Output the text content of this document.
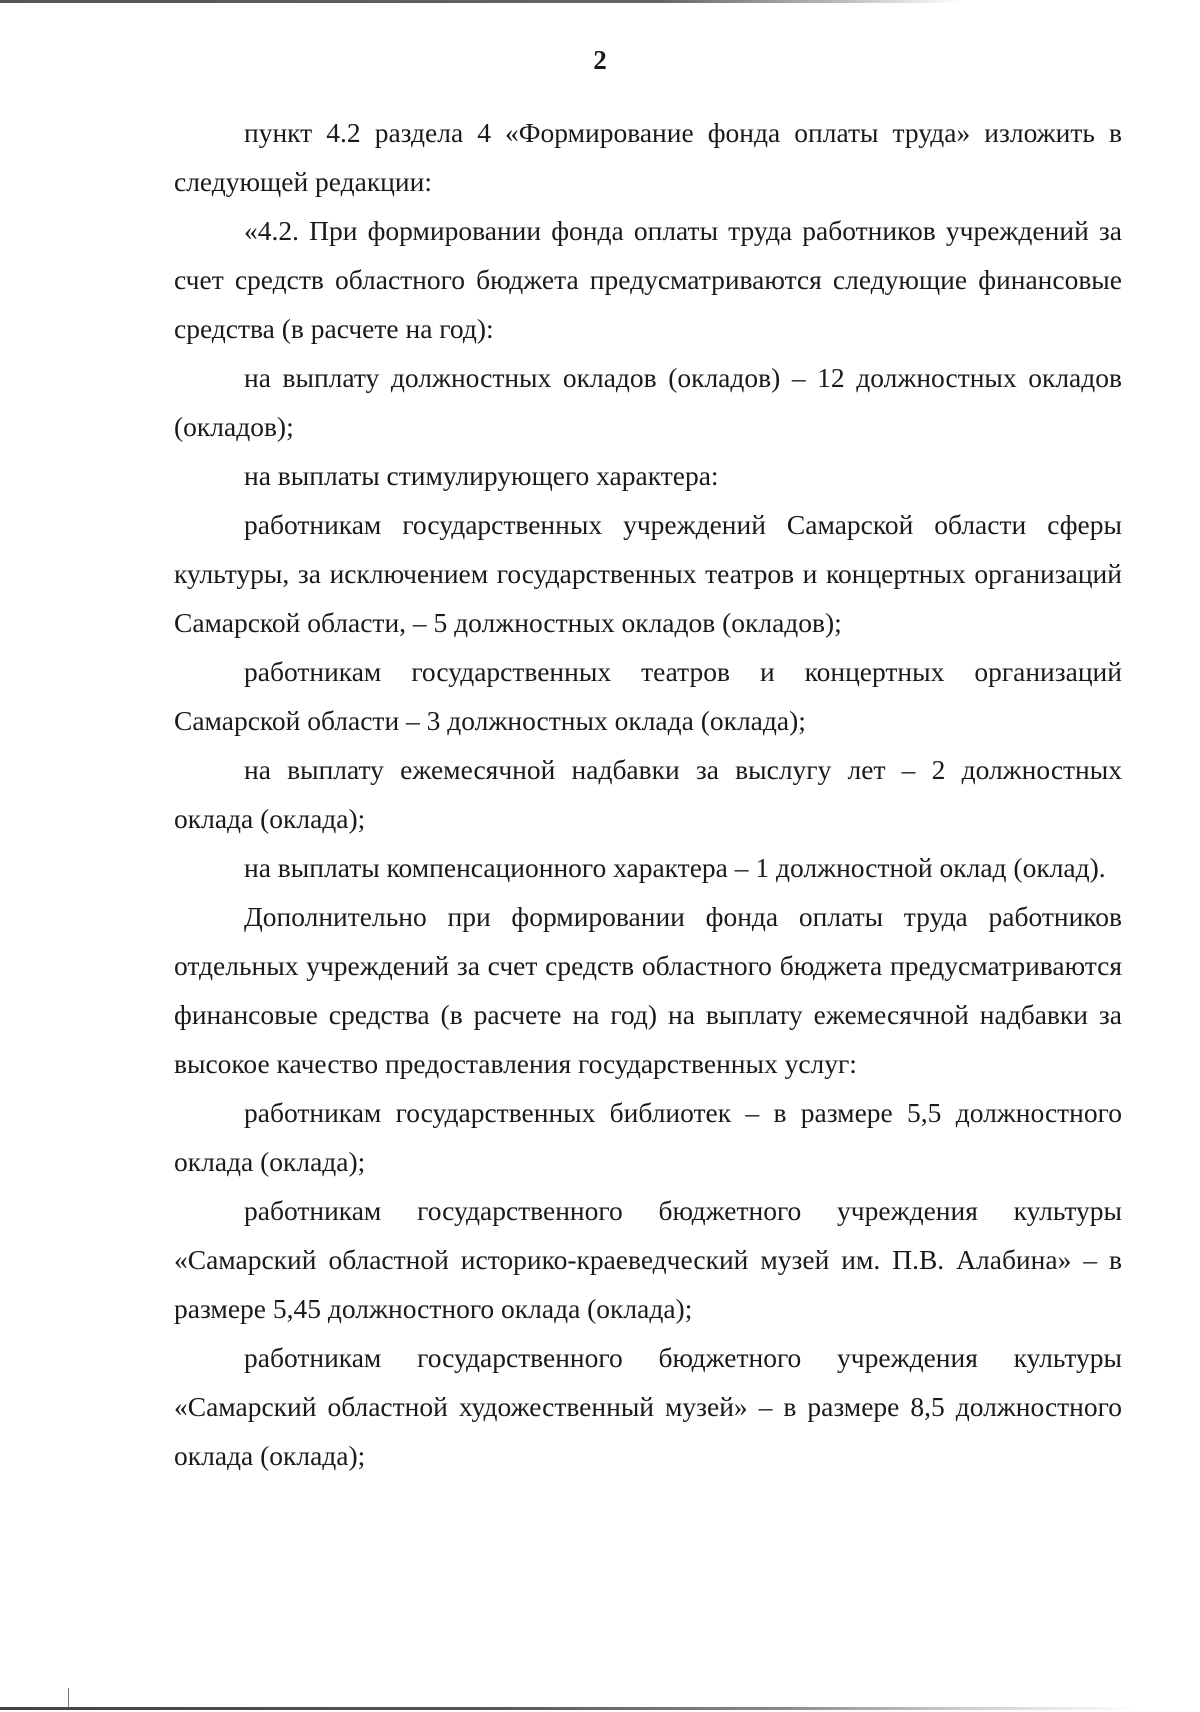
2

пункт 4.2 раздела 4 «Формирование фонда оплаты труда» изложить в следующей редакции:

«4.2. При формировании фонда оплаты труда работников учреждений за счет средств областного бюджета предусматриваются следующие финансовые средства (в расчете на год):

на выплату должностных окладов (окладов) – 12 должностных окладов (окладов);

на выплаты стимулирующего характера:

работникам государственных учреждений Самарской области сферы культуры, за исключением государственных театров и концертных организаций Самарской области, – 5 должностных окладов (окладов);

работникам государственных театров и концертных организаций Самарской области – 3 должностных оклада (оклада);

на выплату ежемесячной надбавки за выслугу лет – 2 должностных оклада (оклада);

на выплаты компенсационного характера – 1 должностной оклад (оклад).

Дополнительно при формировании фонда оплаты труда работников отдельных учреждений за счет средств областного бюджета предусматриваются финансовые средства (в расчете на год) на выплату ежемесячной надбавки за высокое качество предоставления государственных услуг:

работникам государственных библиотек – в размере 5,5 должностного оклада (оклада);

работникам государственного бюджетного учреждения культуры «Самарский областной историко-краеведческий музей им. П.В. Алабина» – в размере 5,45 должностного оклада (оклада);

работникам государственного бюджетного учреждения культуры «Самарский областной художественный музей» – в размере 8,5 должностного оклада (оклада);
